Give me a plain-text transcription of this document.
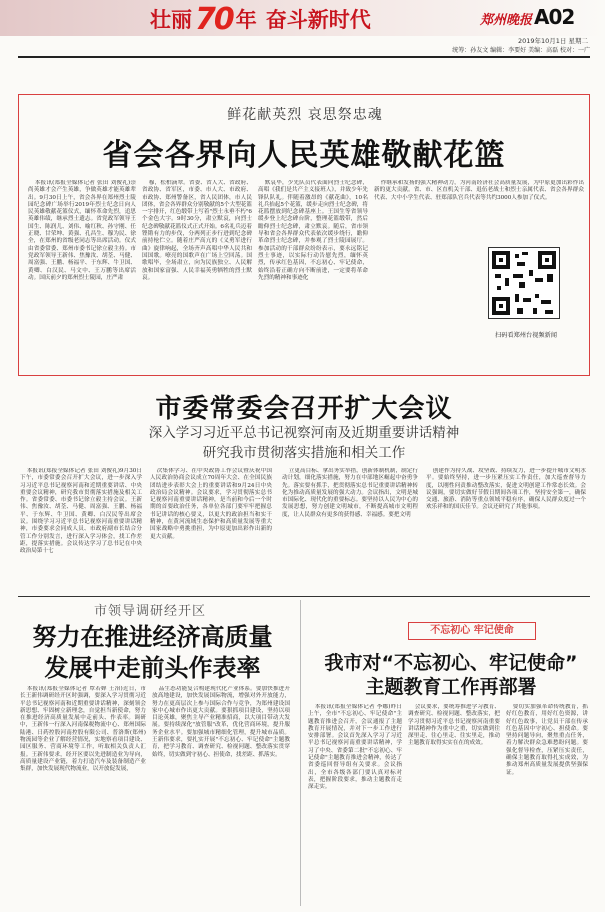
壮丽 70 年 奋斗新时代	郑州晚报 A02
2019年10月1日 星期二
统筹：孙友文 编辑：李要好 美编：高磊 校对：一广
鲜花献英烈 哀思祭忠魂
省会各界向人民英雄敬献花篮

本报讯(郑报全媒体记者 张田 刘俊礼)崇尚英雄才会产生英雄，争做英雄才能英雄辈出。9月30日上午，省会各界在郑州烈士陵园纪念碑广场举行2019年烈士纪念日向人民英雄敬献花篮仪式，缅怀革命先烈，追思英雄伟绩，继承烈士遗志。省党政军领导王国生、陈润儿、刘伟、喻红秋、孙守刚、任正晓、甘荣坤、黄强、孔昌生、穆为民、徐全，在郑州的省级老同志等出席活动。仪式由省委常委、郑州市委书记徐立毅主持。市党政军领导王新伟、焦豫汝、胡荃、马健、周富强、王鹏、杨福平、于东辉、牛卫国、黄卿、白汉民、马文中、王万鹏等出席活动。国庆前夕的郑州烈士陵园，庄严肃

穆，松柏滴翠。省委、省人大、省政府、省政协、省军区，市委、市人大、市政府、市政协、郑州警备区，省人民团体，市人民团体，省会各界群众分别敬献的5个大型花篮一字排开，红色缎带上写着"烈士永垂不朽"6个金色大字。9时30分，肃立默哀，向烈士纪念碑敬献花篮仪式正式开始。6名礼兵迈着铿锵有力的步伐，分两列正步行进到纪念碑前持枪伫立。随着庄严高亢的《义勇军进行曲》旋律响起，全场齐声高唱中华人民共和国国歌。嘹亮的国歌声在广场上空回荡。国歌唱毕，全场肃立，向为民族独立、人民解放和国家富强、人民幸福英勇牺牲的烈士默哀。

默哀毕，少先队员代表面向烈士纪念碑，高唱《我们是共产主义接班人》，并致少年先锋队队礼。伴随着激昂的《献花曲》，10名礼兵抬起5个花篮，缓步走向烈士纪念碑，将花篮摆放到纪念碑基座上。王国生等省领导缓步登上纪念碑台阶，整理花篮缎带，然后瞻仰烈士纪念碑，肃立默哀。随后，省市领导和省会各界群众代表依次缓步绕行，瞻仰革命烈士纪念碑，并参观了烈士陵园展厅。参加活动的干部群众纷纷表示，要永远铭记烈士事迹，以实际行动告慰先烈，缅怀英烈，传承红色基因，不忘初心、牢记使命，始终沿着正确方向不断前进，一定要将革命先烈的精神和事迹化

作继承和发扬的强大精神动力，为河南经济社会高质量发展，为中原更加出彩作出新的更大贡献。省、市、区直机关干部、退伍老战士和烈士亲属代表、省会各界群众代表、大中小学生代表、驻郑部队官兵代表等共约3000人参加了仪式。

扫码看郑州台视频新闻
市委常委会召开扩大会议
深入学习习近平总书记视察河南及近期重要讲话精神
研究我市贯彻落实措施和相关工作

本报讯(郑报全媒体记者 张田 刘俊礼)9月30日下午，市委常委会召开扩大会议，进一步深入学习习近平总书记视察河南和近期重要讲话、中央重要会议精神，研究我市贯彻落实措施及相关工作。省委常委、市委书记徐立毅主持会议。王新伟、焦豫汝、胡荃、马健、周富强、王鹏、杨福平、于东辉、牛卫国、黄卿、白汉民等出席会议。围绕学习习近平总书记视察河南重要讲话精神，市委要求会同成人员、市政府副市长结合分管工作分别发言，进行深入学习体会，找工作差距，提落实措施。会议传达学习了总书记在中央政治局第十七

次集体学习、在中央政协工作会议暨庆祝中国人民政治协商会议成立70周年大会、在全国民族团结进步表彰大会上的重要讲话和9月24日中央政治局会议精神。会议要求，学习贯彻落实总书记视察河南重要讲话精神，是当前和今后一个时期的首要政治任务，各单位各部门要牢牢把握总书记讲话的核心要义，以更大的政治担当和实干精神，在黄河流域生态保护和高质量发展等重大国家战略中勇挑重担，为中原更加出彩作出新的更大贡献。

立更高目标、拿出务实举措，创新体制机制，制定行动计划，细化落实措施，努力在中部地区崛起中奋勇争先。落实要有抓手，把贯彻落实总书记重要讲话精神转化为推动高质量发展的强大动力。会议指出，文明是城市国际化、现代化的重要标志。要坚持以人民为中心的发展思想，努力创建文明城市，不断提高城市文明程度，让人民群众有更多的获得感、幸福感。要把文明

创建作为持久战、攻坚战、持续发力，进一步提升城市文明水平。要始终坚持，进一步压紧压实工作责任，加大巡查督导力度，以刚性问责推动整改落实，促进文明创建工作常态长效。会议强调，要切实做好节假日期间各项工作，坚持安全第一，确保交通、旅游、消防等重点领域平稳有序，确保人民群众度过一个欢乐祥和的国庆佳节。会议还研究了其他事项。

市领导调研经开区
努力在推进经济高质量
发展中走前头作表率

本报讯(郑报全媒体记者 覃若婵 王治)近日，市长王新伟调研经开区时强调，要深入学习贯彻习近平总书记视察河南和近期重要讲话精神，深刻领会新思想、牢固树立新理念，自觉担当新使命，努力在推进经济高质量发展中走前头、作表率。调研中，王新伟一行深入河南保税物流中心、郑州国际陆港、日药控股河南控股有限公司、普洛斯(郑州)物流园等企业了解经营情况，实地察看项目建设、园区服务、营商环境等工作，听取相关负责人汇报。王新伟要求，经开区要以先进制造业为导向，高质量建设产业链，着力打造汽车及装备制造产业集群，加快发展现代物流业，以开放促发展，

品生态功能复合构建现代化产业体系。要加快推进开放高地建设，加快发展国际物流，增强对外开放能力，努力在更高层次上参与国际合作与竞争，为郑州建设国家中心城市作出更大贡献。要狠抓项目建设，坚持以项目论英雄，聚焦主导产业精准招商，以大项目带动大发展。要持续深化"放管服"改革，优化营商环境，提升服务企业水平。要加强城市精细化管理，提升城市品质。王新伟要求，要扎实开展"不忘初心、牢记使命"主题教育，把学习教育、调查研究、检视问题、整改落实贯穿始终，切实做到守初心、担使命，找差距、抓落实。

不忘初心 牢记使命
我市对“不忘初心、牢记使命”
主题教育工作再部署

本报讯(郑报全媒体记者 李娜)昨日上午，全市"不忘初心、牢记使命"主题教育推进会召开，会议通报了主题教育开展情况，并对下一步工作进行安排部署。会议首先深入学习了习近平总书记视察河南重要讲话精神，学习了中央、省委第二批"不忘初心、牢记使命"主题教育推进会精神，传达了省委巡回督导组有关要求。会议指出，全市各级各部门要认真对标对表，把握阶段要求，推动主题教育走深走实。

会议要求，要统筹推进学习教育、调查研究、检视问题、整改落实，把学习贯彻习近平总书记视察河南重要讲话精神作为重中之重，切实做到往深里走、往心里走、往实里走，推动主题教育取得实实在在的成效。

要切实加强革命传统教育，抓好红色教育，用好红色资源，讲好红色故事，让党员干部在传承红色基因中守初心、担使命。要坚持问题导向，聚焦重点任务，着力解决群众急难愁盼问题。要强化督导检查，压紧压实责任，确保主题教育取得扎实成效，为推动郑州高质量发展提供坚强保证。
